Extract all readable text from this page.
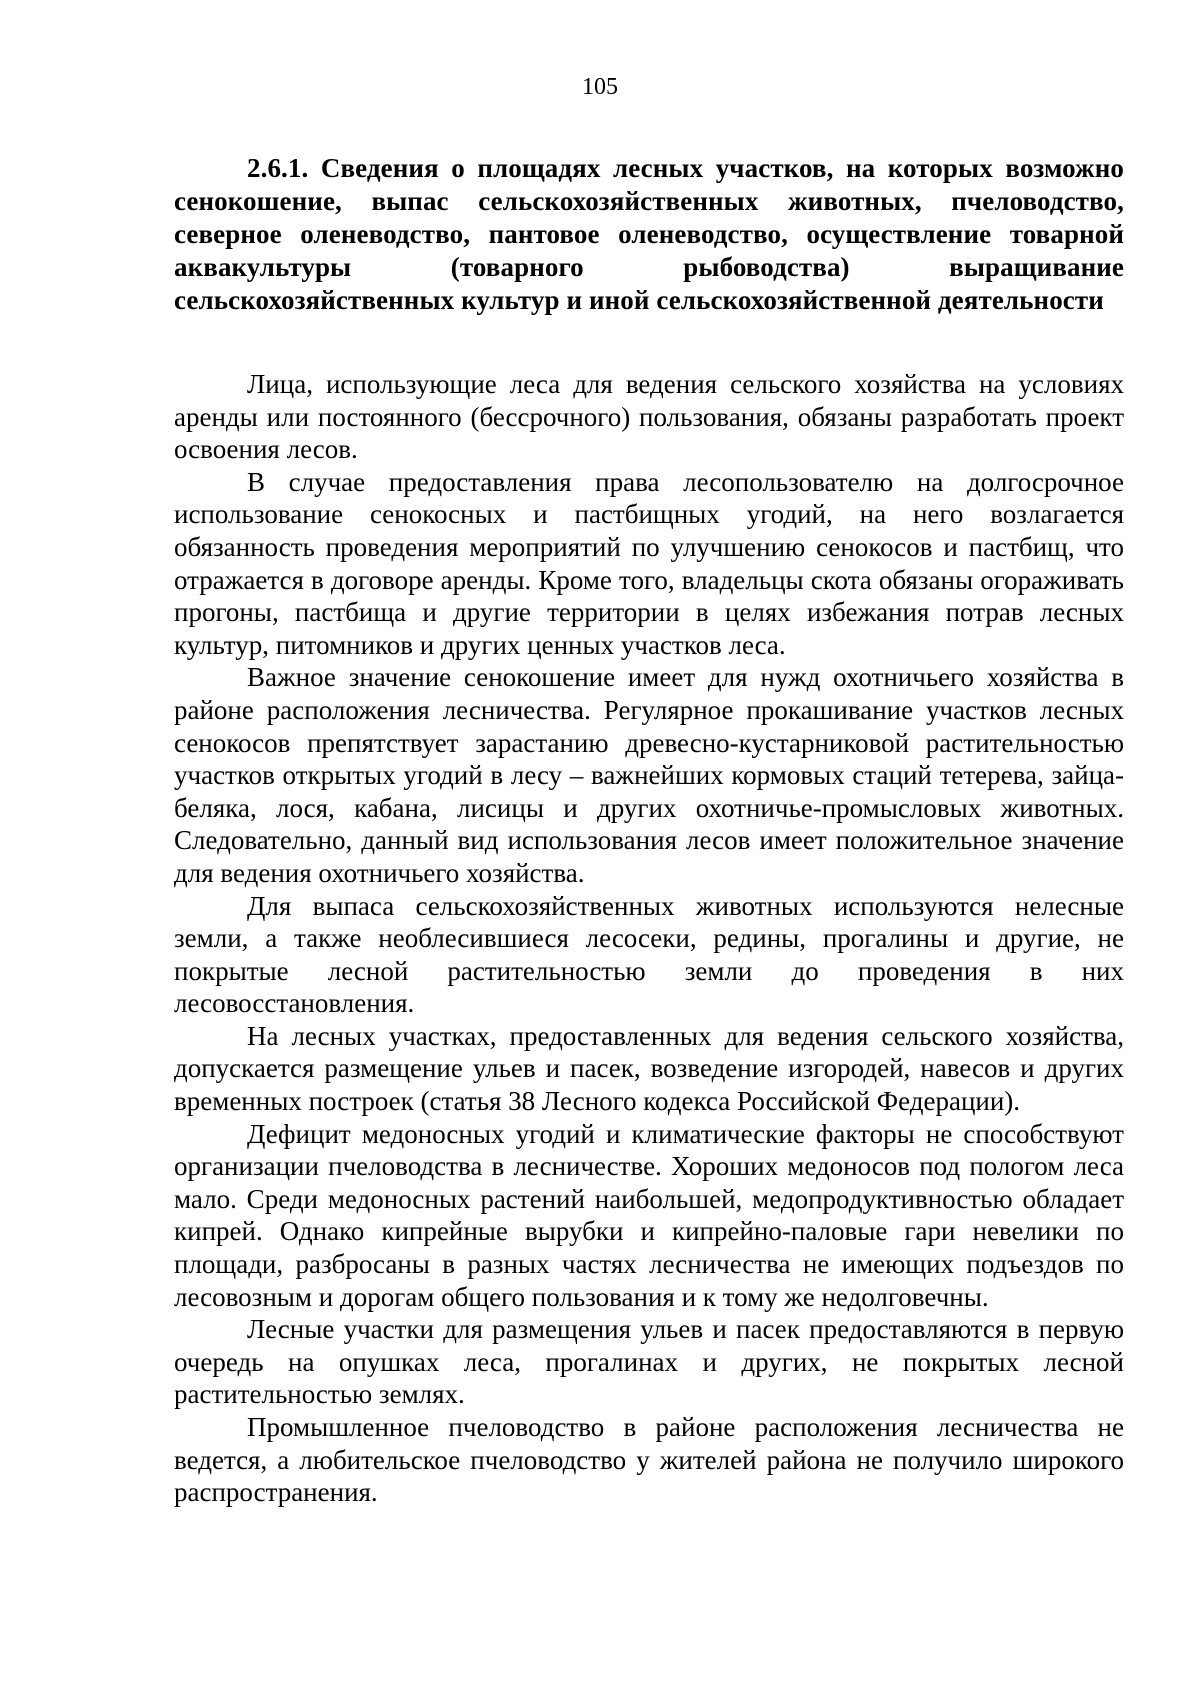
105
2.6.1. Сведения о площадях лесных участков, на которых возможно сенокошение, выпас сельскохозяйственных животных, пчеловодство, северное оленеводство, пантовое оленеводство, осуществление товарной аквакультуры (товарного рыбоводства) выращивание сельскохозяйственных культур и иной сельскохозяйственной деятельности

Лица, использующие леса для ведения сельского хозяйства на условиях аренды или постоянного (бессрочного) пользования, обязаны разработать проект освоения лесов.

В случае предоставления права лесопользователю на долгосрочное использование сенокосных и пастбищных угодий, на него возлагается обязанность проведения мероприятий по улучшению сенокосов и пастбищ, что отражается в договоре аренды. Кроме того, владельцы скота обязаны огораживать прогоны, пастбища и другие территории в целях избежания потрав лесных культур, питомников и других ценных участков леса.

Важное значение сенокошение имеет для нужд охотничьего хозяйства в районе расположения лесничества. Регулярное прокашивание участков лесных сенокосов препятствует зарастанию древесно-кустарниковой растительностью участков открытых угодий в лесу – важнейших кормовых стаций тетерева, зайца-беляка, лося, кабана, лисицы и других охотничье-промысловых животных. Следовательно, данный вид использования лесов имеет положительное значение для ведения охотничьего хозяйства.

Для выпаса сельскохозяйственных животных используются нелесные земли, а также необлесившиеся лесосеки, редины, прогалины и другие, не покрытые лесной растительностью земли до проведения в них лесовосстановления.

На лесных участках, предоставленных для ведения сельского хозяйства, допускается размещение ульев и пасек, возведение изгородей, навесов и других временных построек (статья 38 Лесного кодекса Российской Федерации).

Дефицит медоносных угодий и климатические факторы не способствуют организации пчеловодства в лесничестве. Хороших медоносов под пологом леса мало. Среди медоносных растений наибольшей, медопродуктивностью обладает кипрей. Однако кипрейные вырубки и кипрейно-паловые гари невелики по площади, разбросаны в разных частях лесничества не имеющих подъездов по лесовозным и дорогам общего пользования и к тому же недолговечны.

Лесные участки для размещения ульев и пасек предоставляются в первую очередь на опушках леса, прогалинах и других, не покрытых лесной растительностью землях.

Промышленное пчеловодство в районе расположения лесничества не ведется, а любительское пчеловодство у жителей района не получило широкого распространения.
